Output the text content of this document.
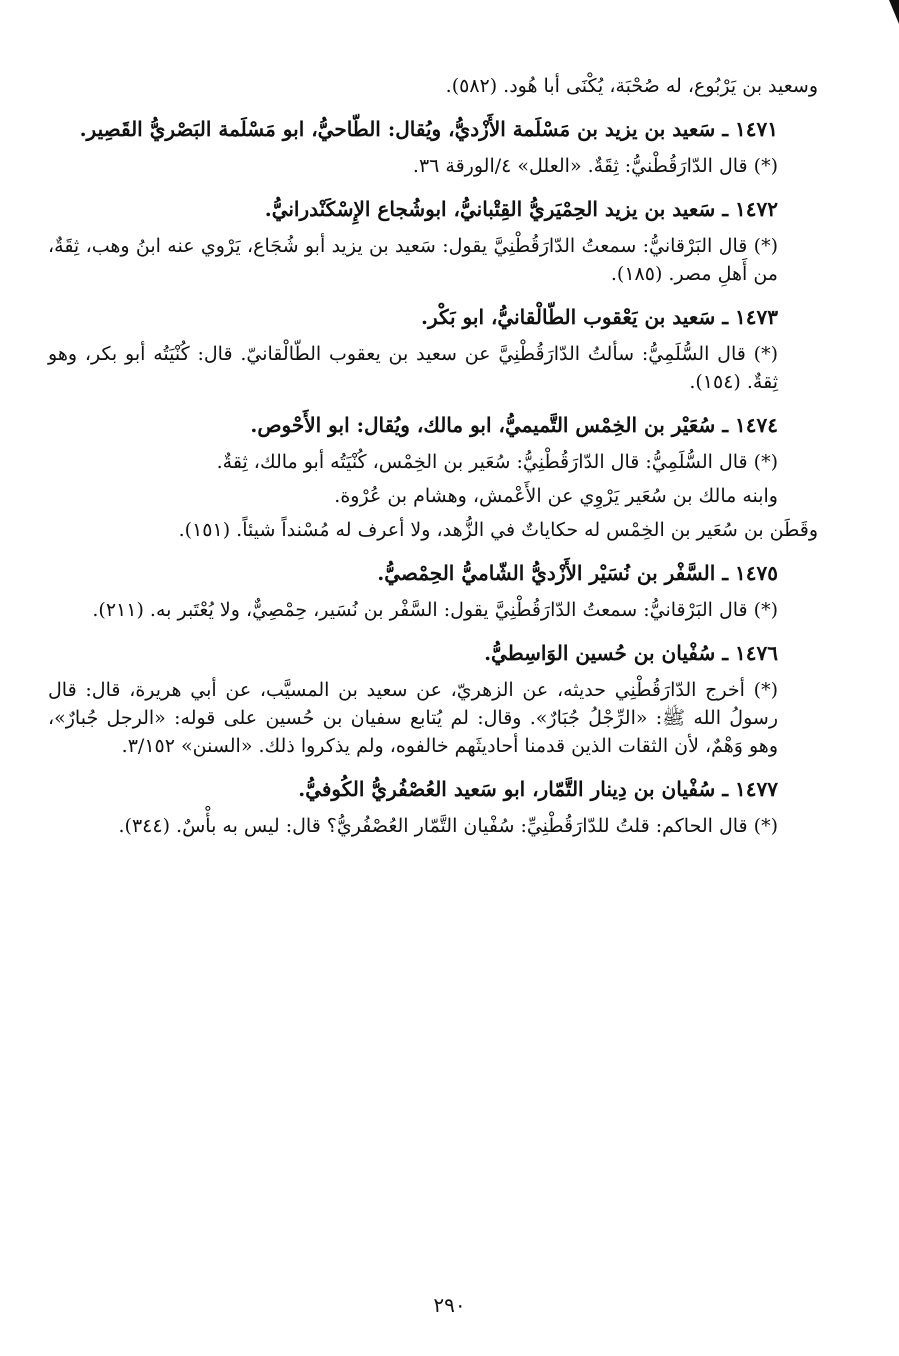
وسعيد بن يَرْبُوع، له صُحْبَة، يُكْنَى أبا هُود. (٥٨٢).

١٤٧١ ـ سَعيد بن يزيد بن مَسْلَمة الأَزْديُّ، ويُقال: الطّاحيُّ، ابو مَسْلَمة البَصْريُّ القَصِير.

(*) قال الدّارَقُطْنيُّ: ثِقَةٌ. «العلل» ٤/الورقة ٣٦.

١٤٧٢ ـ سَعيد بن يزيد الحِمْيَريُّ القِتْبانيُّ، ابوشُجاع الإِسْكَنْدرانيُّ.

(*) قال البَرْقانيُّ: سمعتُ الدّارَقُطْنِيَّ يقول: سَعيد بن يزيد أبو شُجَاع، يَرْوي عنه ابنُ وهب، ثِقَةٌ، من أَهلِ مصر. (١٨٥).

١٤٧٣ ـ سَعيد بن يَعْقوب الطّالْقانيُّ، ابو بَكْر.

(*) قال السُّلَمِيُّ: سألتُ الدّارَقُطْنِيَّ عن سعيد بن يعقوب الطّالْقانيّ. قال: كُنْيَتُه أبو بكر، وهو ثِقةٌ. (١٥٤).

١٤٧٤ ـ سُعَيْر بن الخِمْس التَّميميُّ، ابو مالك، ويُقال: ابو الأَحْوص.

(*) قال السُّلَمِيُّ: قال الدّارَقُطْنِيُّ: سُعَير بن الخِمْس، كُنْيَتُه أبو مالك، ثِقةٌ.

وابنه مالك بن سُعَير يَرْوِي عن الأَعْمش، وهشام بن عُرْوة.

وقَطَن بن سُعَير بن الخِمْس له حكاياتٌ في الزُّهد، ولا أعرف له مُسْنداً شيئاً. (١٥١).

١٤٧٥ ـ السَّفْر بن نُسَيْر الأَزْديُّ الشّاميُّ الحِمْصيُّ.

(*) قال البَرْقانيُّ: سمعتُ الدّارَقُطْنِيَّ يقول: السَّفْر بن نُسَير، حِمْصِيٌّ، ولا يُعْتَبر به. (٢١١).

١٤٧٦ ـ سُفْيان بن حُسين الوَاسِطيُّ.

(*) أخرج الدّارَقُطْنِي حديثه، عن الزهريّ، عن سعيد بن المسيَّب، عن أبي هريرة، قال: قال رسولُ الله ﷺ: «الرِّجْلُ جُبَارٌ». وقال: لم يُتابع سفيان بن حُسين على قوله: «الرجل جُبارٌ»، وهو وَهْمٌ، لأن الثقات الذين قدمنا أحاديثَهم خالفوه، ولم يذكروا ذلك. «السنن» ٣/١٥٢.

١٤٧٧ ـ سُفْيان بن دِينار التَّمّار، ابو سَعيد العُصْفُريُّ الكُوفيُّ.

(*) قال الحاكم: قلتُ للدّارَقُطْنِيِّ: سُفْيان التَّمّار العُصْفُريُّ؟ قال: ليس به بأْسٌ. (٣٤٤).

٢٩٠
